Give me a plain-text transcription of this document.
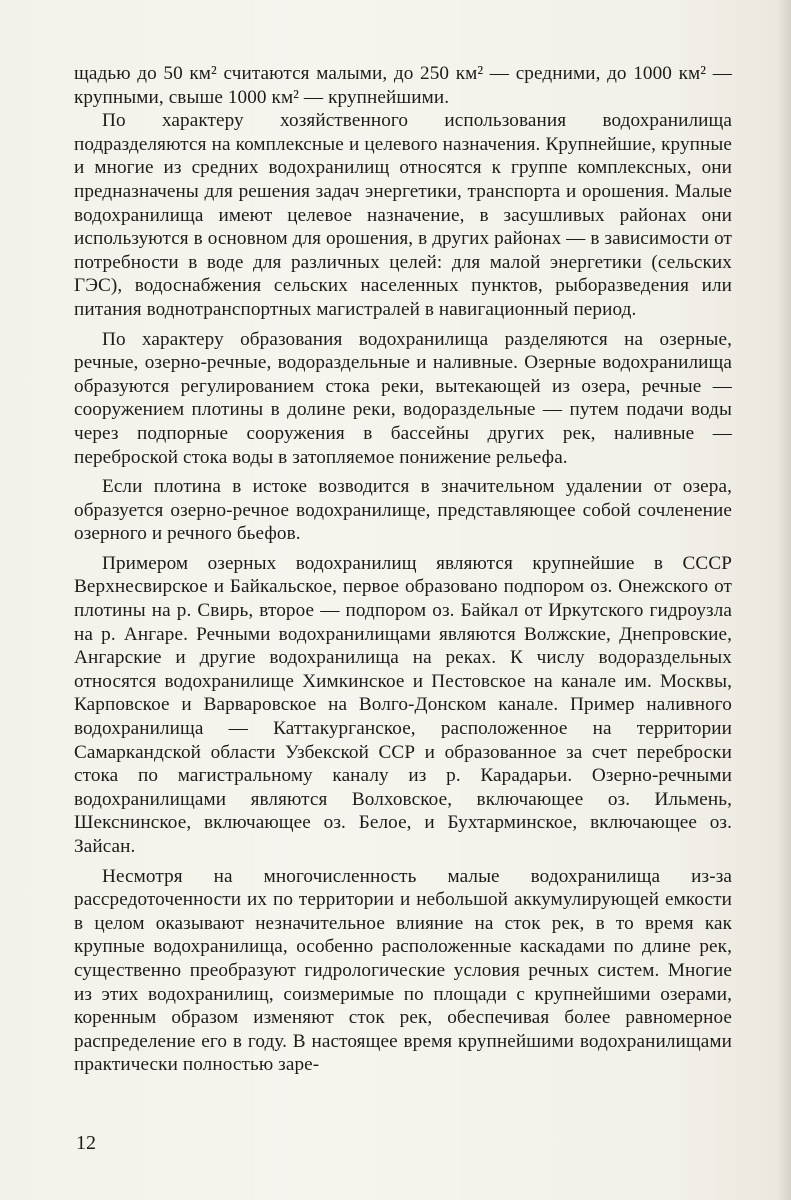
щадью до 50 км² считаются малыми, до 250 км² — средними, до 1000 км² — крупными, свыше 1000 км² — крупнейшими.

По характеру хозяйственного использования водохранилища подразделяются на комплексные и целевого назначения. Крупнейшие, крупные и многие из средних водохранилищ относятся к группе комплексных, они предназначены для решения задач энергетики, транспорта и орошения. Малые водохранилища имеют целевое назначение, в засушливых районах они используются в основном для орошения, в других районах — в зависимости от потребности в воде для различных целей: для малой энергетики (сельских ГЭС), водоснабжения сельских населенных пунктов, рыборазведения или питания воднотранспортных магистралей в навигационный период.

По характеру образования водохранилища разделяются на озерные, речные, озерно-речные, водораздельные и наливные. Озерные водохранилища образуются регулированием стока реки, вытекающей из озера, речные — сооружением плотины в долине реки, водораздельные — путем подачи воды через подпорные сооружения в бассейны других рек, наливные — переброской стока воды в затопляемое понижение рельефа.

Если плотина в истоке возводится в значительном удалении от озера, образуется озерно-речное водохранилище, представляющее собой сочленение озерного и речного бьефов.

Примером озерных водохранилищ являются крупнейшие в СССР Верхнесвирское и Байкальское, первое образовано подпором оз. Онежского от плотины на р. Свирь, второе — подпором оз. Байкал от Иркутского гидроузла на р. Ангаре. Речными водохранилищами являются Волжские, Днепровские, Ангарские и другие водохранилища на реках. К числу водораздельных относятся водохранилище Химкинское и Пестовское на канале им. Москвы, Карповское и Варваровское на Волго-Донском канале. Пример наливного водохранилища — Каттакурганское, расположенное на территории Самаркандской области Узбекской ССР и образованное за счет переброски стока по магистральному каналу из р. Карадарьи. Озерно-речными водохранилищами являются Волховское, включающее оз. Ильмень, Шекснинское, включающее оз. Белое, и Бухтарминское, включающее оз. Зайсан.

Несмотря на многочисленность малые водохранилища из-за рассредоточенности их по территории и небольшой аккумулирующей емкости в целом оказывают незначительное влияние на сток рек, в то время как крупные водохранилища, особенно расположенные каскадами по длине рек, существенно преобразуют гидрологические условия речных систем. Многие из этих водохранилищ, соизмеримые по площади с крупнейшими озерами, коренным образом изменяют сток рек, обеспечивая более равномерное распределение его в году. В настоящее время крупнейшими водохранилищами практически полностью заре-

12
